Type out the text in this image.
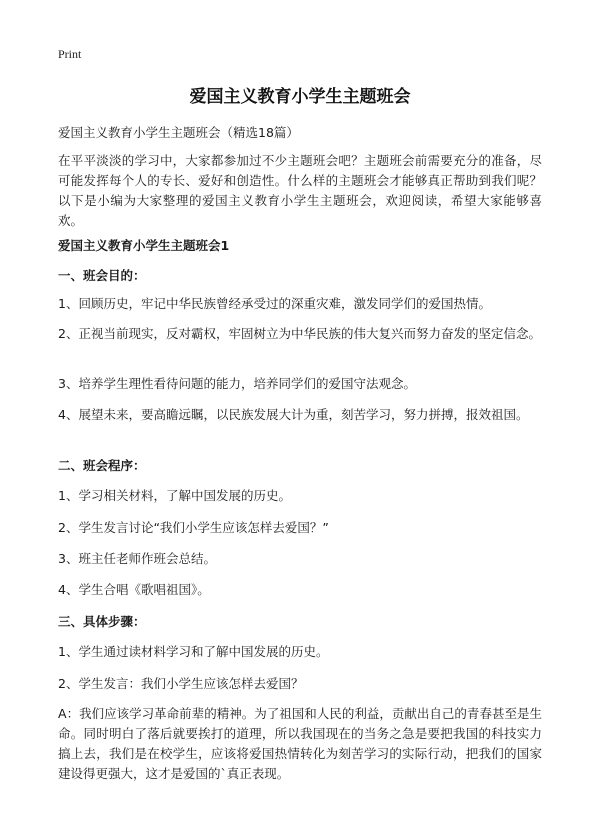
Print
爱国主义教育小学生主题班会
爱国主义教育小学生主题班会（精选18篇）
在平平淡淡的学习中，大家都参加过不少主题班会吧？主题班会前需要充分的准备，尽可能发挥每个人的专长、爱好和创造性。什么样的主题班会才能够真正帮助到我们呢？以下是小编为大家整理的爱国主义教育小学生主题班会，欢迎阅读，希望大家能够喜欢。
爱国主义教育小学生主题班会1
一、班会目的：
1、回顾历史，牢记中华民族曾经承受过的深重灾难，激发同学们的爱国热情。
2、正视当前现实，反对霸权，牢固树立为中华民族的伟大复兴而努力奋发的坚定信念。
3、培养学生理性看待问题的能力，培养同学们的爱国守法观念。
4、展望未来，要高瞻远瞩，以民族发展大计为重，刻苦学习，努力拼搏，报效祖国。
二、班会程序：
1、学习相关材料，了解中国发展的历史。
2、学生发言讨论“我们小学生应该怎样去爱国？”
3、班主任老师作班会总结。
4、学生合唱《歌唱祖国》。
三、具体步骤：
1、学生通过读材料学习和了解中国发展的历史。
2、学生发言：我们小学生应该怎样去爱国？
A：我们应该学习革命前辈的精神。为了祖国和人民的利益，贡献出自己的青春甚至是生命。同时明白了落后就要挨打的道理，所以我国现在的当务之急是要把我国的科技实力搞上去，我们是在校学生，应该将爱国热情转化为刻苦学习的实际行动，把我们的国家建设得更强大，这才是爱国的`真正表现。
